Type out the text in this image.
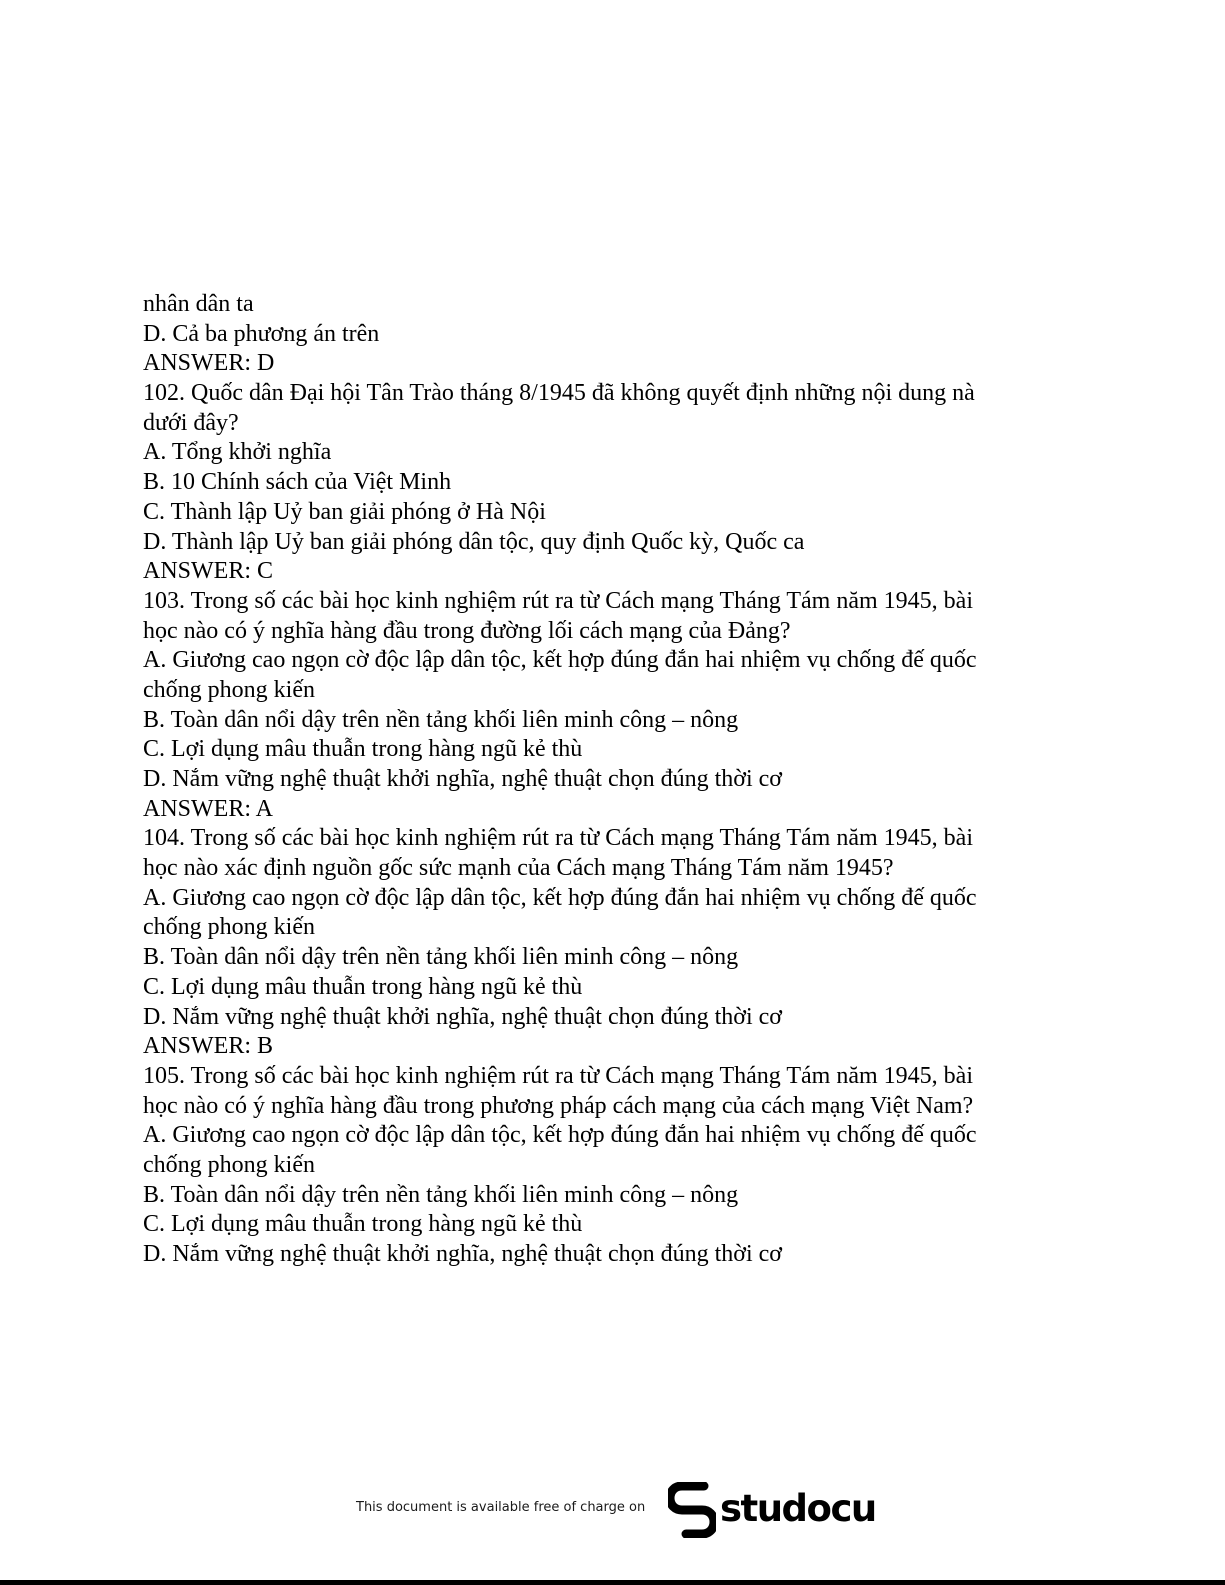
nhân dân ta
D. Cả ba phương án trên
ANSWER: D
102. Quốc dân Đại hội Tân Trào tháng 8/1945 đã không quyết định những nội dung nà
dưới đây?
A. Tổng khởi nghĩa
B. 10 Chính sách của Việt Minh
C. Thành lập Uỷ ban giải phóng ở Hà Nội
D. Thành lập Uỷ ban giải phóng dân tộc, quy định Quốc kỳ, Quốc ca
ANSWER: C
103. Trong số các bài học kinh nghiệm rút ra từ Cách mạng Tháng Tám năm 1945, bài
học nào có ý nghĩa hàng đầu trong đường lối cách mạng của Đảng?
A. Giương cao ngọn cờ độc lập dân tộc, kết hợp đúng đắn hai nhiệm vụ chống đế quốc
chống phong kiến
B. Toàn dân nổi dậy trên nền tảng khối liên minh công – nông
C. Lợi dụng mâu thuẫn trong hàng ngũ kẻ thù
D. Nắm vững nghệ thuật khởi nghĩa, nghệ thuật chọn đúng thời cơ
ANSWER: A
104. Trong số các bài học kinh nghiệm rút ra từ Cách mạng Tháng Tám năm 1945, bài
học nào xác định nguồn gốc sức mạnh của Cách mạng Tháng Tám năm 1945?
A. Giương cao ngọn cờ độc lập dân tộc, kết hợp đúng đắn hai nhiệm vụ chống đế quốc
chống phong kiến
B. Toàn dân nổi dậy trên nền tảng khối liên minh công – nông
C. Lợi dụng mâu thuẫn trong hàng ngũ kẻ thù
D. Nắm vững nghệ thuật khởi nghĩa, nghệ thuật chọn đúng thời cơ
ANSWER: B
105. Trong số các bài học kinh nghiệm rút ra từ Cách mạng Tháng Tám năm 1945, bài
học nào có ý nghĩa hàng đầu trong phương pháp cách mạng của cách mạng Việt Nam?
A. Giương cao ngọn cờ độc lập dân tộc, kết hợp đúng đắn hai nhiệm vụ chống đế quốc
chống phong kiến
B. Toàn dân nổi dậy trên nền tảng khối liên minh công – nông
C. Lợi dụng mâu thuẫn trong hàng ngũ kẻ thù
D. Nắm vững nghệ thuật khởi nghĩa, nghệ thuật chọn đúng thời cơ
This document is available free of charge on studocu
